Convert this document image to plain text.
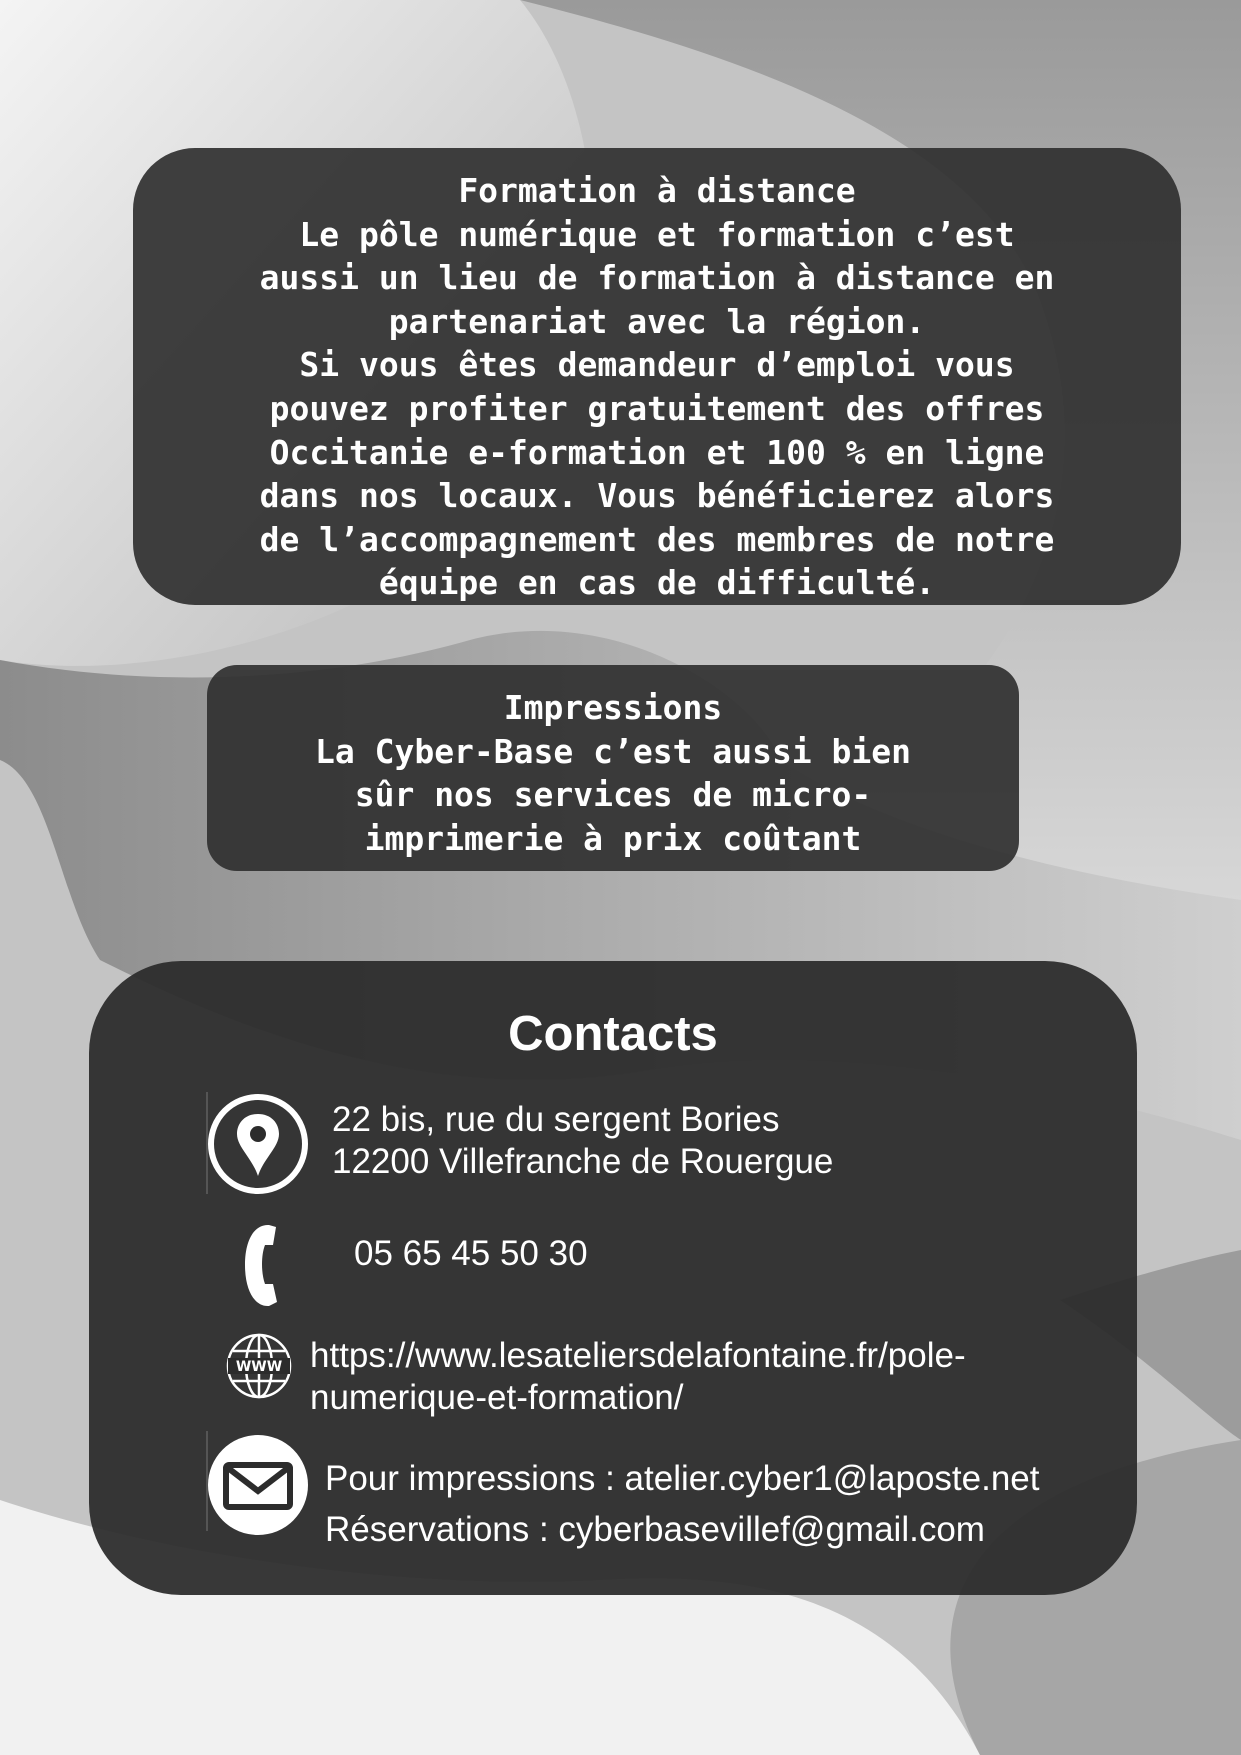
Formation à distance
Le pôle numérique et formation c’est
aussi un lieu de formation à distance en
partenariat avec la région.
Si vous êtes demandeur d’emploi vous
pouvez profiter gratuitement des offres
Occitanie e-formation et 100 % en ligne
dans nos locaux. Vous bénéficierez alors
de l’accompagnement des membres de notre
équipe en cas de difficulté.
Impressions
La Cyber-Base c’est aussi bien
sûr nos services de micro-
imprimerie à prix coûtant
Contacts
22 bis, rue du sergent Bories
12200 Villefranche de Rouergue
05 65 45 50 30
WWW https://www.lesateliersdelafontaine.fr/pole-
numerique-et-formation/
Pour impressions : atelier.cyber1@laposte.net
Réservations : cyberbasevillef@gmail.com
